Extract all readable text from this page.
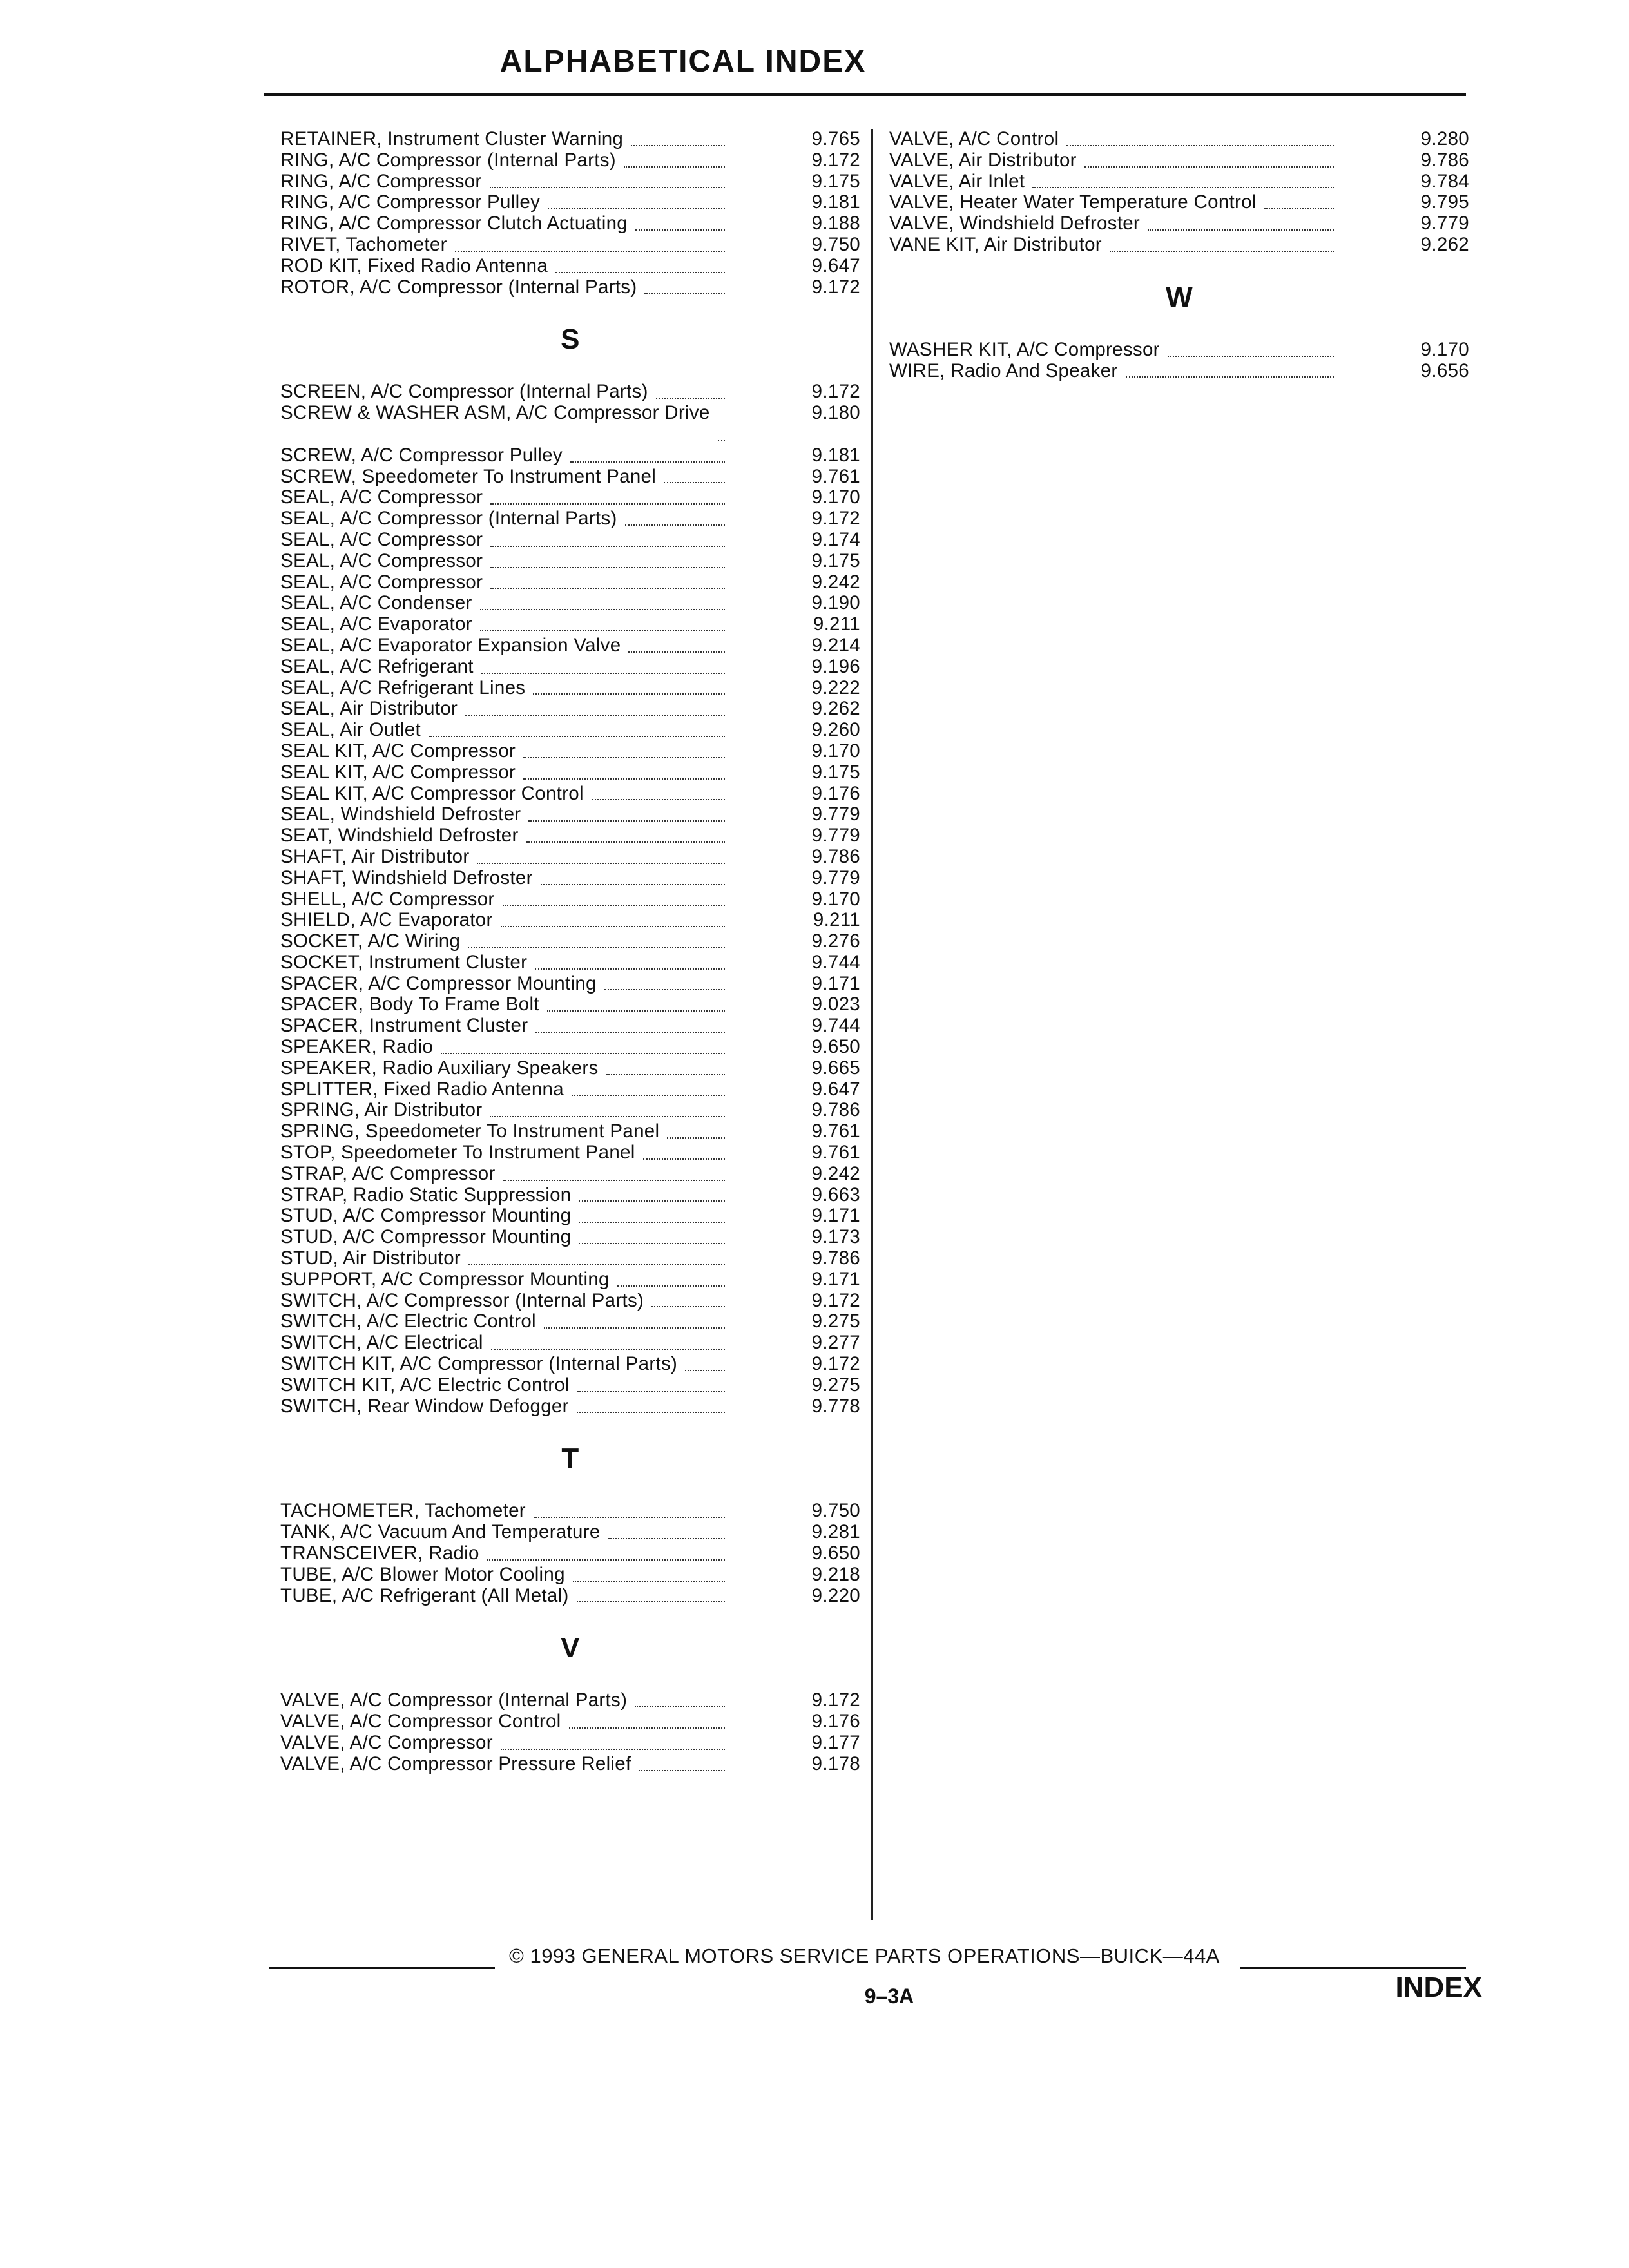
ALPHABETICAL INDEX
RETAINER, Instrument Cluster Warning	9.765
RING, A/C Compressor (Internal Parts)	9.172
RING, A/C Compressor	9.175
RING, A/C Compressor Pulley	9.181
RING, A/C Compressor Clutch Actuating	9.188
RIVET, Tachometer	9.750
ROD KIT, Fixed Radio Antenna	9.647
ROTOR, A/C Compressor (Internal Parts)	9.172
S
SCREEN, A/C Compressor (Internal Parts)	9.172
SCREW & WASHER ASM, A/C Compressor Drive	9.180
SCREW, A/C Compressor Pulley	9.181
SCREW, Speedometer To Instrument Panel	9.761
SEAL, A/C Compressor	9.170
SEAL, A/C Compressor (Internal Parts)	9.172
SEAL, A/C Compressor	9.174
SEAL, A/C Compressor	9.175
SEAL, A/C Compressor	9.242
SEAL, A/C Condenser	9.190
SEAL, A/C Evaporator	9.211
SEAL, A/C Evaporator Expansion Valve	9.214
SEAL, A/C Refrigerant	9.196
SEAL, A/C Refrigerant Lines	9.222
SEAL, Air Distributor	9.262
SEAL, Air Outlet	9.260
SEAL KIT, A/C Compressor	9.170
SEAL KIT, A/C Compressor	9.175
SEAL KIT, A/C Compressor Control	9.176
SEAL, Windshield Defroster	9.779
SEAT, Windshield Defroster	9.779
SHAFT, Air Distributor	9.786
SHAFT, Windshield Defroster	9.779
SHELL, A/C Compressor	9.170
SHIELD, A/C Evaporator	9.211
SOCKET, A/C Wiring	9.276
SOCKET, Instrument Cluster	9.744
SPACER, A/C Compressor Mounting	9.171
SPACER, Body To Frame Bolt	9.023
SPACER, Instrument Cluster	9.744
SPEAKER, Radio	9.650
SPEAKER, Radio Auxiliary Speakers	9.665
SPLITTER, Fixed Radio Antenna	9.647
SPRING, Air Distributor	9.786
SPRING, Speedometer To Instrument Panel	9.761
STOP, Speedometer To Instrument Panel	9.761
STRAP, A/C Compressor	9.242
STRAP, Radio Static Suppression	9.663
STUD, A/C Compressor Mounting	9.171
STUD, A/C Compressor Mounting	9.173
STUD, Air Distributor	9.786
SUPPORT, A/C Compressor Mounting	9.171
SWITCH, A/C Compressor (Internal Parts)	9.172
SWITCH, A/C Electric Control	9.275
SWITCH, A/C Electrical	9.277
SWITCH KIT, A/C Compressor (Internal Parts)	9.172
SWITCH KIT, A/C Electric Control	9.275
SWITCH, Rear Window Defogger	9.778
T
TACHOMETER, Tachometer	9.750
TANK, A/C Vacuum And Temperature	9.281
TRANSCEIVER, Radio	9.650
TUBE, A/C Blower Motor Cooling	9.218
TUBE, A/C Refrigerant (All Metal)	9.220
V
VALVE, A/C Compressor (Internal Parts)	9.172
VALVE, A/C Compressor Control	9.176
VALVE, A/C Compressor	9.177
VALVE, A/C Compressor Pressure Relief	9.178
VALVE, A/C Control	9.280
VALVE, Air Distributor	9.786
VALVE, Air Inlet	9.784
VALVE, Heater Water Temperature Control	9.795
VALVE, Windshield Defroster	9.779
VANE KIT, Air Distributor	9.262
W
WASHER KIT, A/C Compressor	9.170
WIRE, Radio And Speaker	9.656
© 1993 GENERAL MOTORS SERVICE PARTS OPERATIONS—BUICK—44A
9–3A	INDEX
